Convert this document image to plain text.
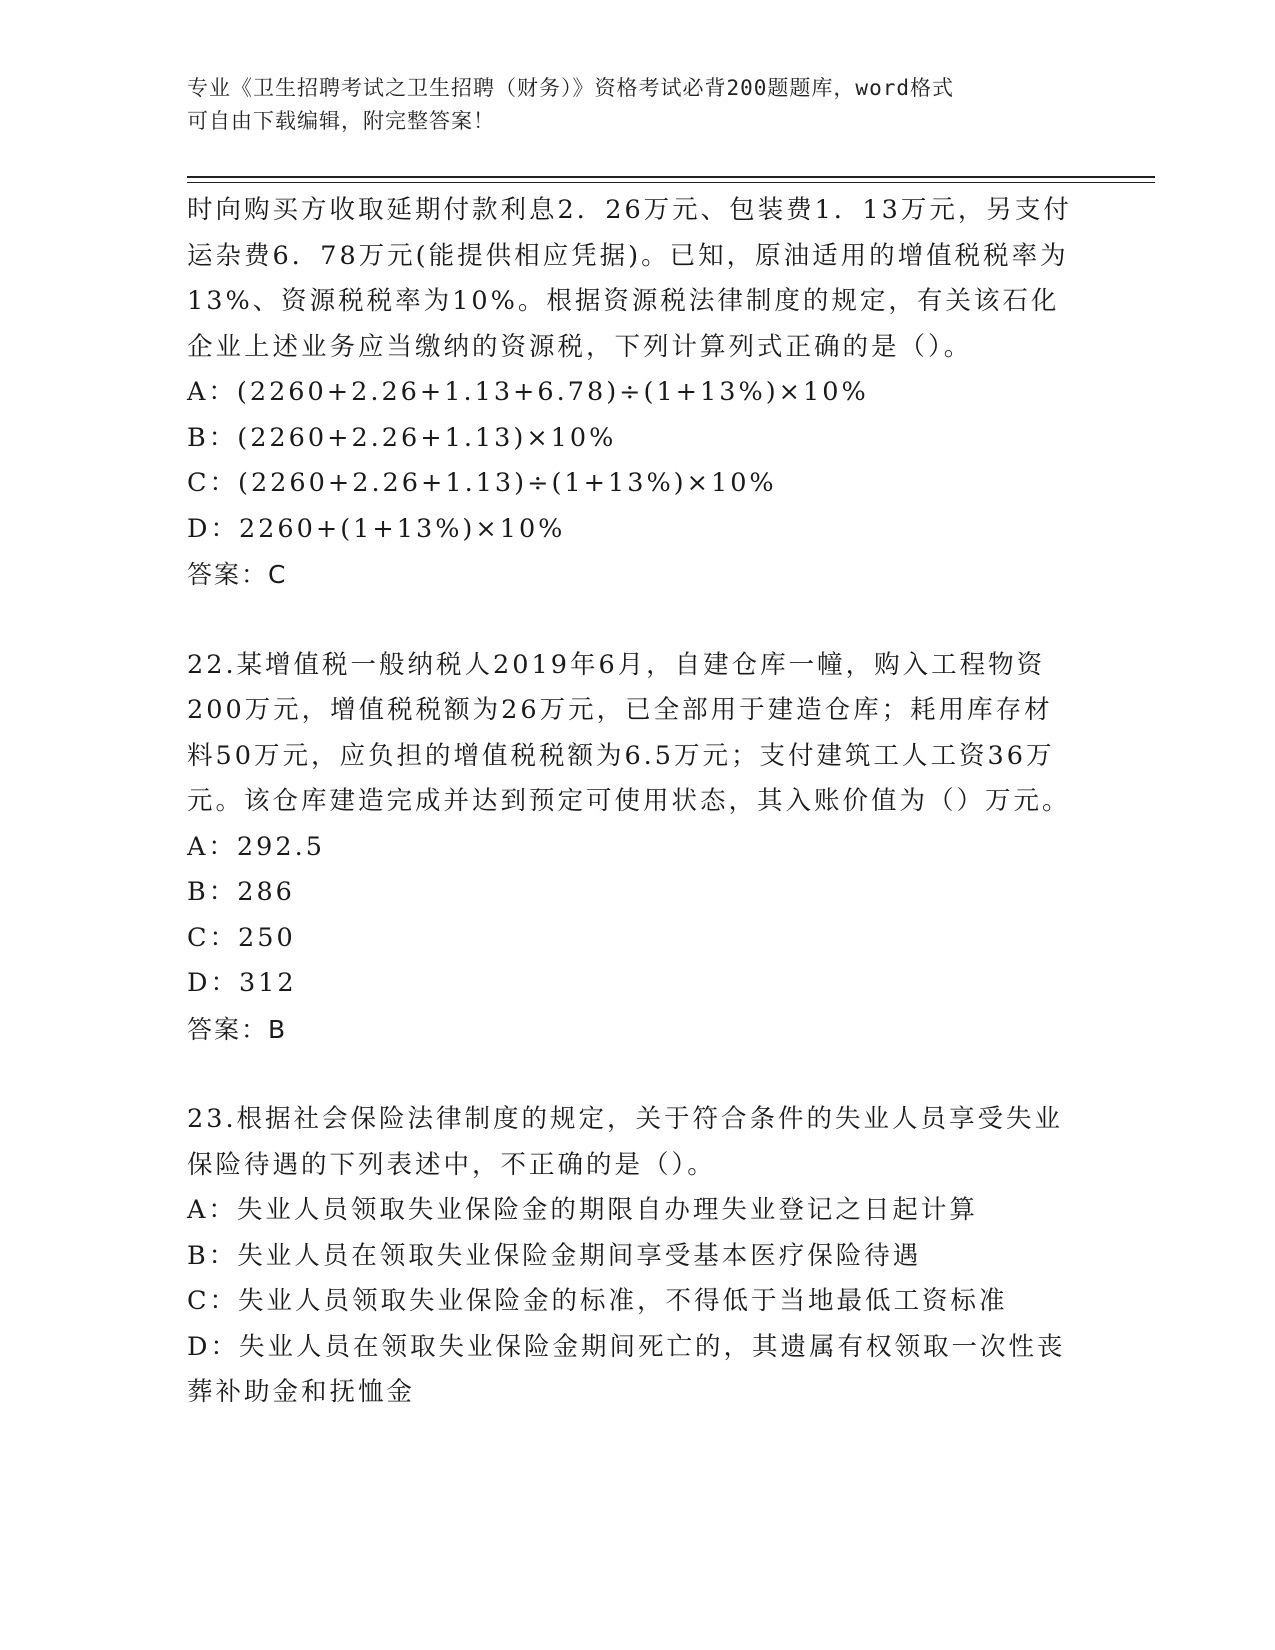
专业《卫生招聘考试之卫生招聘（财务）》资格考试必背200题题库，word格式
可自由下载编辑，附完整答案！

时向购买方收取延期付款利息2．26万元、包装费1．13万元，另支付运杂费6．78万元(能提供相应凭据)。已知，原油适用的增值税税率为13%、资源税税率为10%。根据资源税法律制度的规定，有关该石化企业上述业务应当缴纳的资源税，下列计算列式正确的是（）。

A：(2260+2.26+1.13+6.78)÷(1+13%)×10%

B：(2260+2.26+1.13)×10%

C：(2260+2.26+1.13)÷(1+13%)×10%

D：2260+(1+13%)×10%

答案：C

22.某增值税一般纳税人2019年6月，自建仓库一幢，购入工程物资200万元，增值税税额为26万元，已全部用于建造仓库；耗用库存材料50万元，应负担的增值税税额为6.5万元；支付建筑工人工资36万元。该仓库建造完成并达到预定可使用状态，其入账价值为（）万元。

A：292.5

B：286

C：250

D：312

答案：B

23.根据社会保险法律制度的规定，关于符合条件的失业人员享受失业保险待遇的下列表述中，不正确的是（）。

A：失业人员领取失业保险金的期限自办理失业登记之日起计算

B：失业人员在领取失业保险金期间享受基本医疗保险待遇

C：失业人员领取失业保险金的标准，不得低于当地最低工资标准

D：失业人员在领取失业保险金期间死亡的，其遗属有权领取一次性丧葬补助金和抚恤金
